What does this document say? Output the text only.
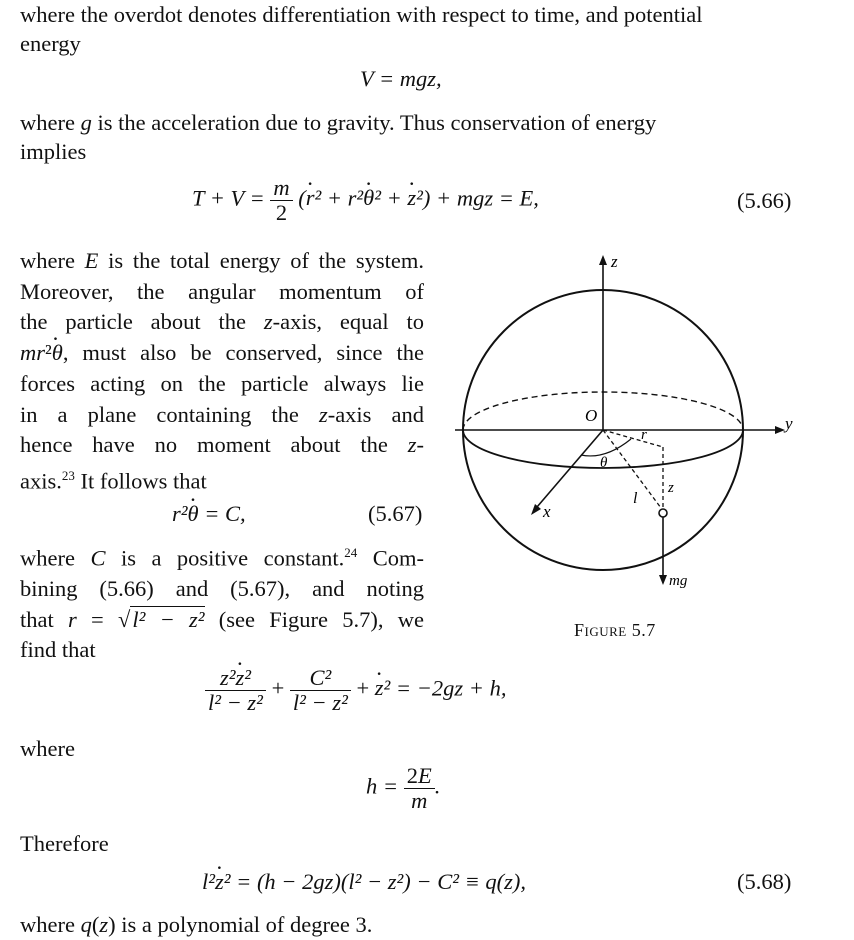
where the overdot denotes differentiation with respect to time, and potential
energy
V = mgz,
where g is the acceleration due to gravity. Thus conservation of energy
implies
$T + V = \frac{m}{2}$ (· r² + r²· θ² + · z²) + mgz = E,	(5.66)
where E is the total energy of the system.
Moreover, the angular momentum of
the particle about the z-axis, equal to
mr²· θ, must also be conserved, since the
forces acting on the particle always lie
in a plane containing the z-axis and
hence have no moment about the z-
axis.$^{23}$ It follows that
r²· θ = C,	(5.67)
where C is a positive constant.$^{24}$ Com-
bining (5.66) and (5.67), and noting
that r = √l² − z² (see Figure 5.7), we
find that
z
y
x
O
θ
r
l
z
mg
Figure 5.7
$\frac{\text{z²· z²}}{\text{l² − z²}} + \frac{\text{C²}}{\text{l² − z²}}$ + · z² = −2gz + h,
where
$h = \frac{2E}{m}$ .
Therefore
l²· z² = (h − 2gz)(l² − z²) − C² ≡ q(z),	(5.68)
where q(z) is a polynomial of degree 3.
